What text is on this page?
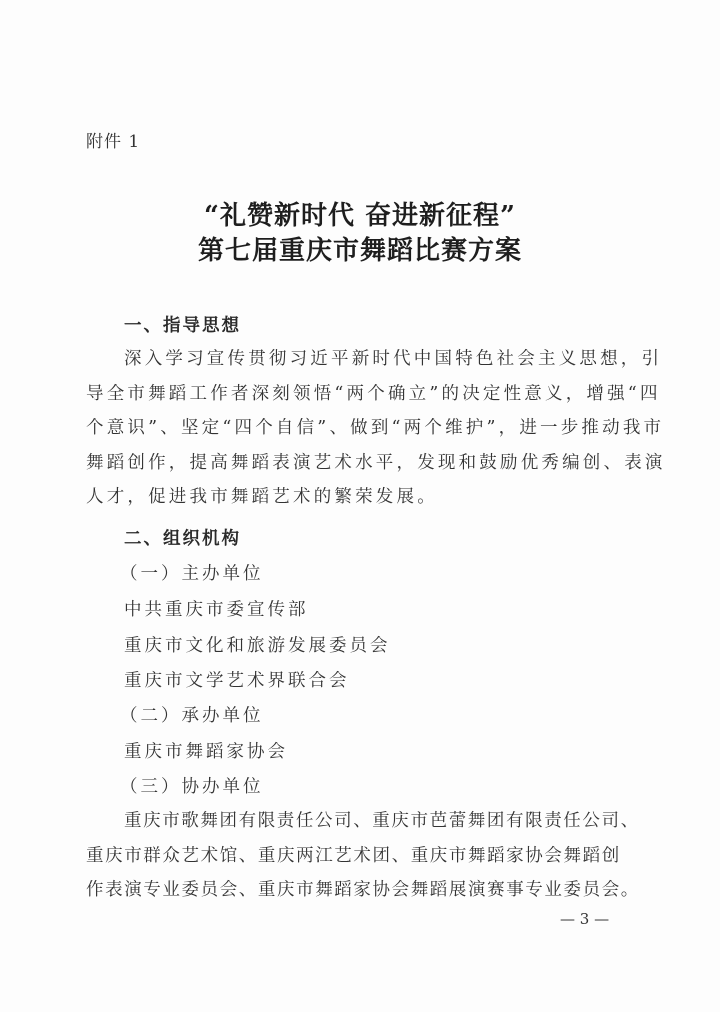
附件 1
“礼赞新时代 奋进新征程”
第七届重庆市舞蹈比赛方案
一、指导思想
深入学习宣传贯彻习近平新时代中国特色社会主义思想，引
导全市舞蹈工作者深刻领悟“两个确立”的决定性意义，增强“四
个意识”、坚定“四个自信”、做到“两个维护”，进一步推动我市
舞蹈创作，提高舞蹈表演艺术水平，发现和鼓励优秀编创、表演
人才，促进我市舞蹈艺术的繁荣发展。
二、组织机构
（一）主办单位
中共重庆市委宣传部
重庆市文化和旅游发展委员会
重庆市文学艺术界联合会
（二）承办单位
重庆市舞蹈家协会
（三）协办单位
重庆市歌舞团有限责任公司、重庆市芭蕾舞团有限责任公司、
重庆市群众艺术馆、重庆两江艺术团、重庆市舞蹈家协会舞蹈创
作表演专业委员会、重庆市舞蹈家协会舞蹈展演赛事专业委员会。
— 3 —
